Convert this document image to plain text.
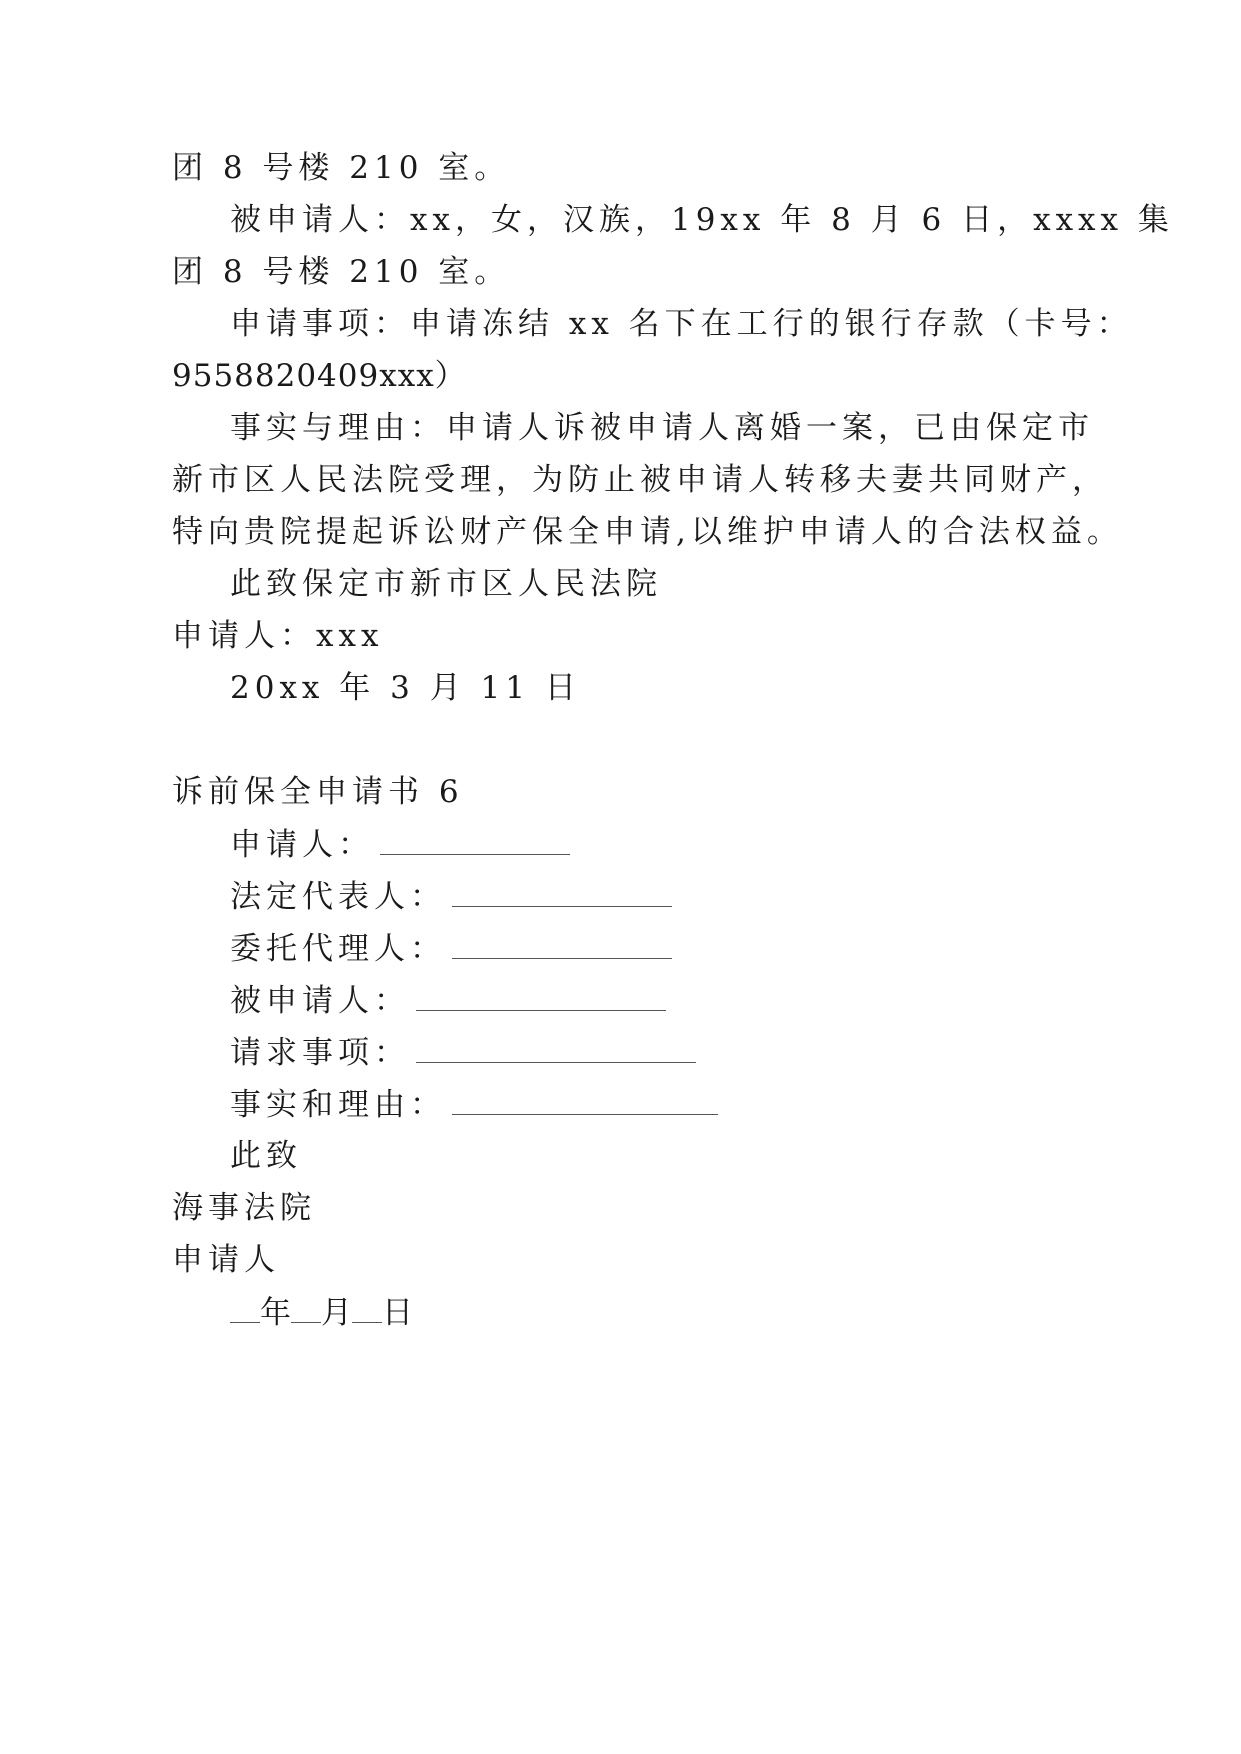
团 8 号楼 210 室。
被申请人：xx，女，汉族，19xx 年 8 月 6 日，xxxx 集
团 8 号楼 210 室。
申请事项：申请冻结 xx 名下在工行的银行存款（卡号：
9558820409xxx）
事实与理由：申请人诉被申请人离婚一案，已由保定市
新市区人民法院受理，为防止被申请人转移夫妻共同财产，
特向贵院提起诉讼财产保全申请,以维护申请人的合法权益。
此致保定市新市区人民法院
申请人：xxx
20xx 年 3 月 11 日
诉前保全申请书 6
申请人：
法定代表人：
委托代理人：
被申请人：
请求事项：
事实和理由：
此致
海事法院
申请人
年 月 日
